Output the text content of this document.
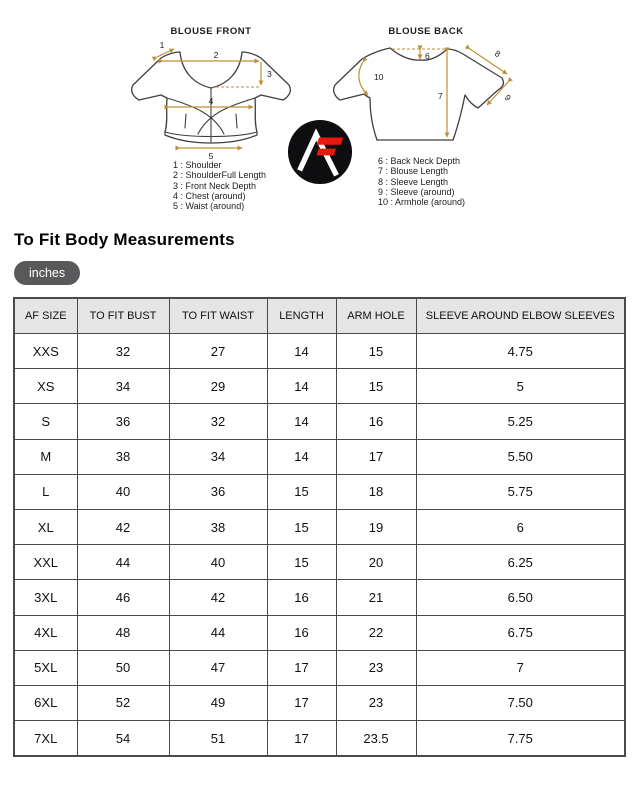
BLOUSE FRONT	BLOUSE BACK
1
2
3
4
5
6
7
8
9
10
1 : Shoulder
2 : ShoulderFull Length
3 : Front Neck Depth
4 : Chest (around)
5 : Waist (around)
6 : Back Neck Depth
7 : Blouse Length
8 : Sleeve Length
9 : Sleeve (around)
10 : Armhole (around)
To Fit Body Measurements
inches
AF SIZE	TO FIT BUST	TO FIT WAIST	LENGTH	ARM HOLE	SLEEVE AROUND ELBOW SLEEVES
XXS	32	27	14	15	4.75
XS	34	29	14	15	5
S	36	32	14	16	5.25
M	38	34	14	17	5.50
L	40	36	15	18	5.75
XL	42	38	15	19	6
XXL	44	40	15	20	6.25
3XL	46	42	16	21	6.50
4XL	48	44	16	22	6.75
5XL	50	47	17	23	7
6XL	52	49	17	23	7.50
7XL	54	51	17	23.5	7.75
